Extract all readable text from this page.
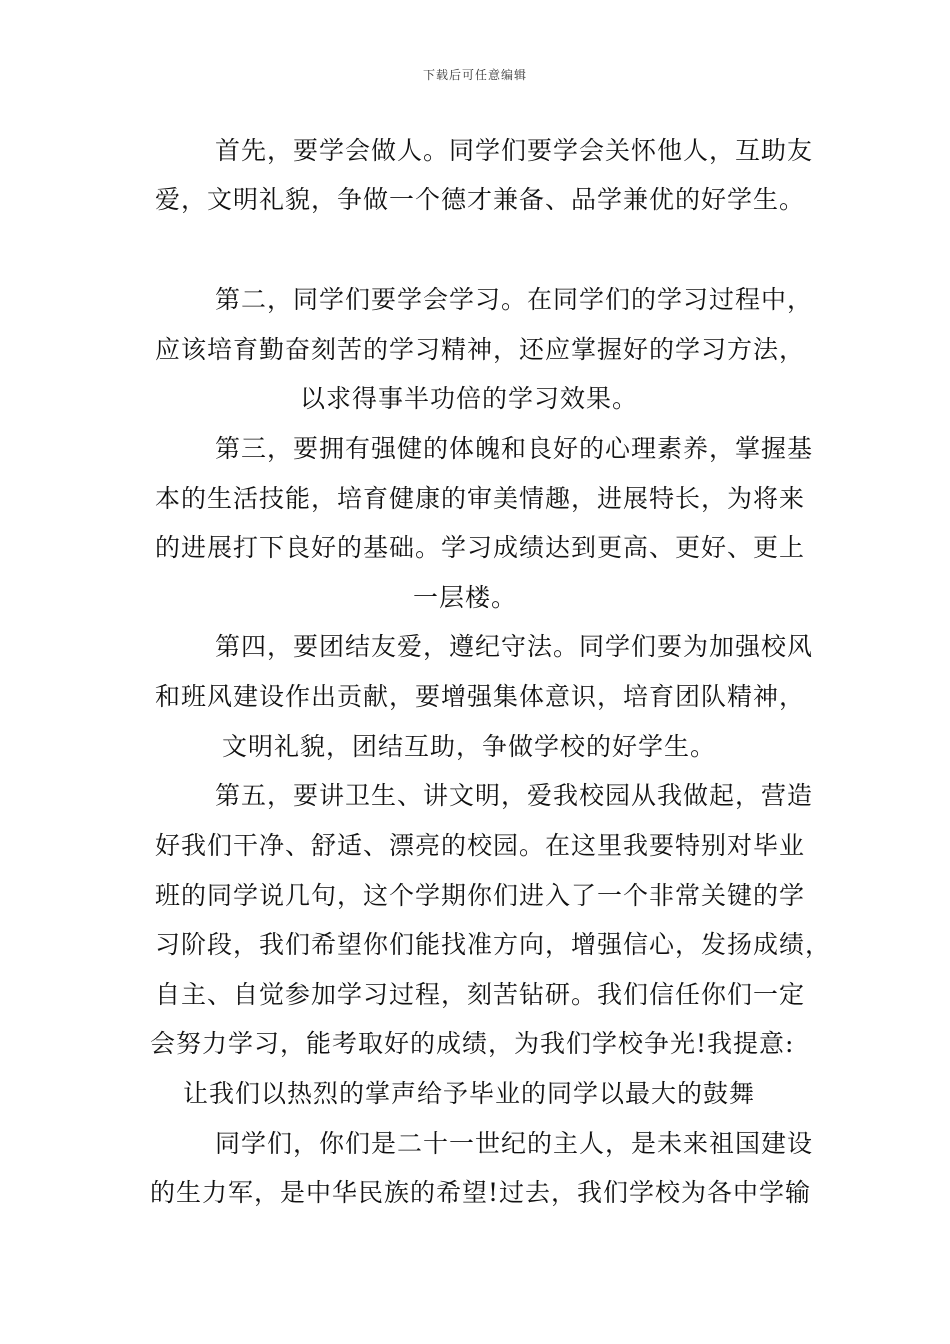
下载后可任意编辑
首先，要学会做人。同学们要学会关怀他人，互助友
爱，文明礼貌，争做一个德才兼备、品学兼优的好学生。
第二，同学们要学会学习。在同学们的学习过程中，
应该培育勤奋刻苦的学习精神，还应掌握好的学习方法，
以求得事半功倍的学习效果。
第三，要拥有强健的体魄和良好的心理素养，掌握基
本的生活技能，培育健康的审美情趣，进展特长，为将来
的进展打下良好的基础。学习成绩达到更高、更好、更上
一层楼。
第四，要团结友爱，遵纪守法。同学们要为加强校风
和班风建设作出贡献，要增强集体意识，培育团队精神，
文明礼貌，团结互助，争做学校的好学生。
第五，要讲卫生、讲文明，爱我校园从我做起，营造
好我们干净、舒适、漂亮的校园。在这里我要特别对毕业
班的同学说几句，这个学期你们进入了一个非常关键的学
习阶段，我们希望你们能找准方向，增强信心，发扬成绩，
自主、自觉参加学习过程，刻苦钻研。我们信任你们一定
会努力学习，能考取好的成绩，为我们学校争光!我提意:
让我们以热烈的掌声给予毕业的同学以最大的鼓舞
同学们，你们是二十一世纪的主人，是未来祖国建设
的生力军，是中华民族的希望!过去，我们学校为各中学输
